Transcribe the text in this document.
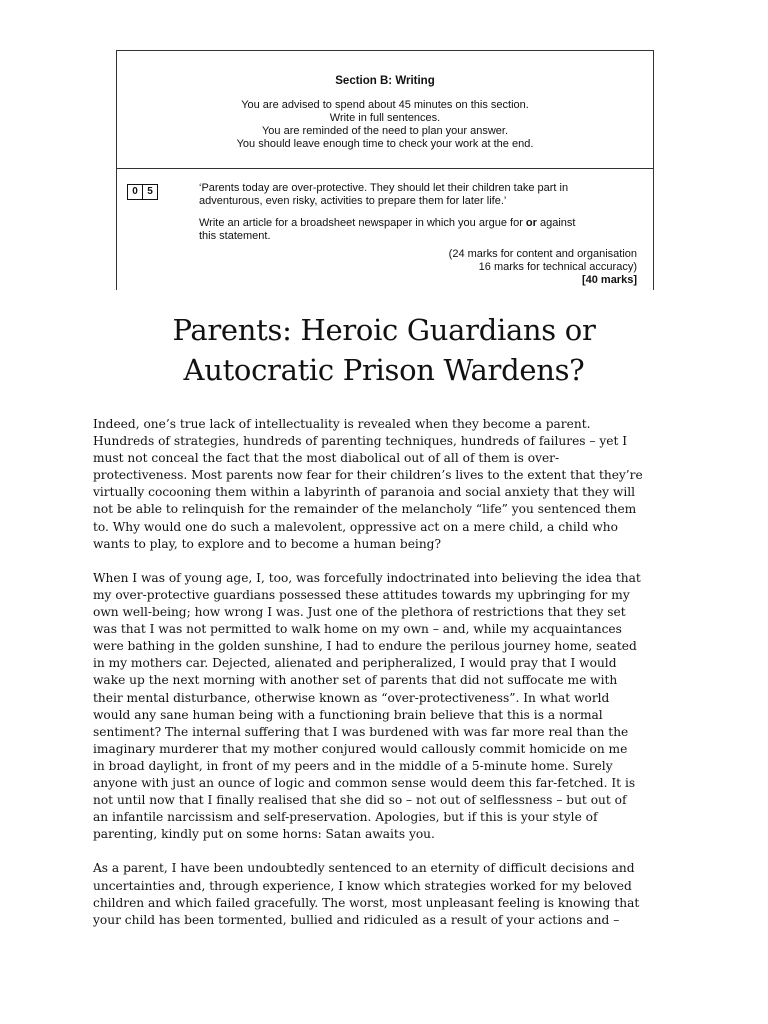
Section B: Writing
You are advised to spend about 45 minutes on this section.
Write in full sentences.
You are reminded of the need to plan your answer.
You should leave enough time to check your work at the end.
0 5	‘Parents today are over-protective. They should let their children take part in
adventurous, even risky, activities to prepare them for later life.’
Write an article for a broadsheet newspaper in which you argue for or against
this statement.
(24 marks for content and organisation
16 marks for technical accuracy)
[40 marks]
Parents: Heroic Guardians or
Autocratic Prison Wardens?
Indeed, one’s true lack of intellectuality is revealed when they become a parent.
Hundreds of strategies, hundreds of parenting techniques, hundreds of failures – yet I
must not conceal the fact that the most diabolical out of all of them is over-
protectiveness. Most parents now fear for their children’s lives to the extent that they’re
virtually cocooning them within a labyrinth of paranoia and social anxiety that they will
not be able to relinquish for the remainder of the melancholy “life” you sentenced them
to. Why would one do such a malevolent, oppressive act on a mere child, a child who
wants to play, to explore and to become a human being?
When I was of young age, I, too, was forcefully indoctrinated into believing the idea that
my over-protective guardians possessed these attitudes towards my upbringing for my
own well-being; how wrong I was. Just one of the plethora of restrictions that they set
was that I was not permitted to walk home on my own – and, while my acquaintances
were bathing in the golden sunshine, I had to endure the perilous journey home, seated
in my mothers car. Dejected, alienated and peripheralized, I would pray that I would
wake up the next morning with another set of parents that did not suffocate me with
their mental disturbance, otherwise known as “over-protectiveness”. In what world
would any sane human being with a functioning brain believe that this is a normal
sentiment? The internal suffering that I was burdened with was far more real than the
imaginary murderer that my mother conjured would callously commit homicide on me
in broad daylight, in front of my peers and in the middle of a 5-minute home. Surely
anyone with just an ounce of logic and common sense would deem this far-fetched. It is
not until now that I finally realised that she did so – not out of selflessness – but out of
an infantile narcissism and self-preservation. Apologies, but if this is your style of
parenting, kindly put on some horns: Satan awaits you.
As a parent, I have been undoubtedly sentenced to an eternity of difficult decisions and
uncertainties and, through experience, I know which strategies worked for my beloved
children and which failed gracefully. The worst, most unpleasant feeling is knowing that
your child has been tormented, bullied and ridiculed as a result of your actions and –
